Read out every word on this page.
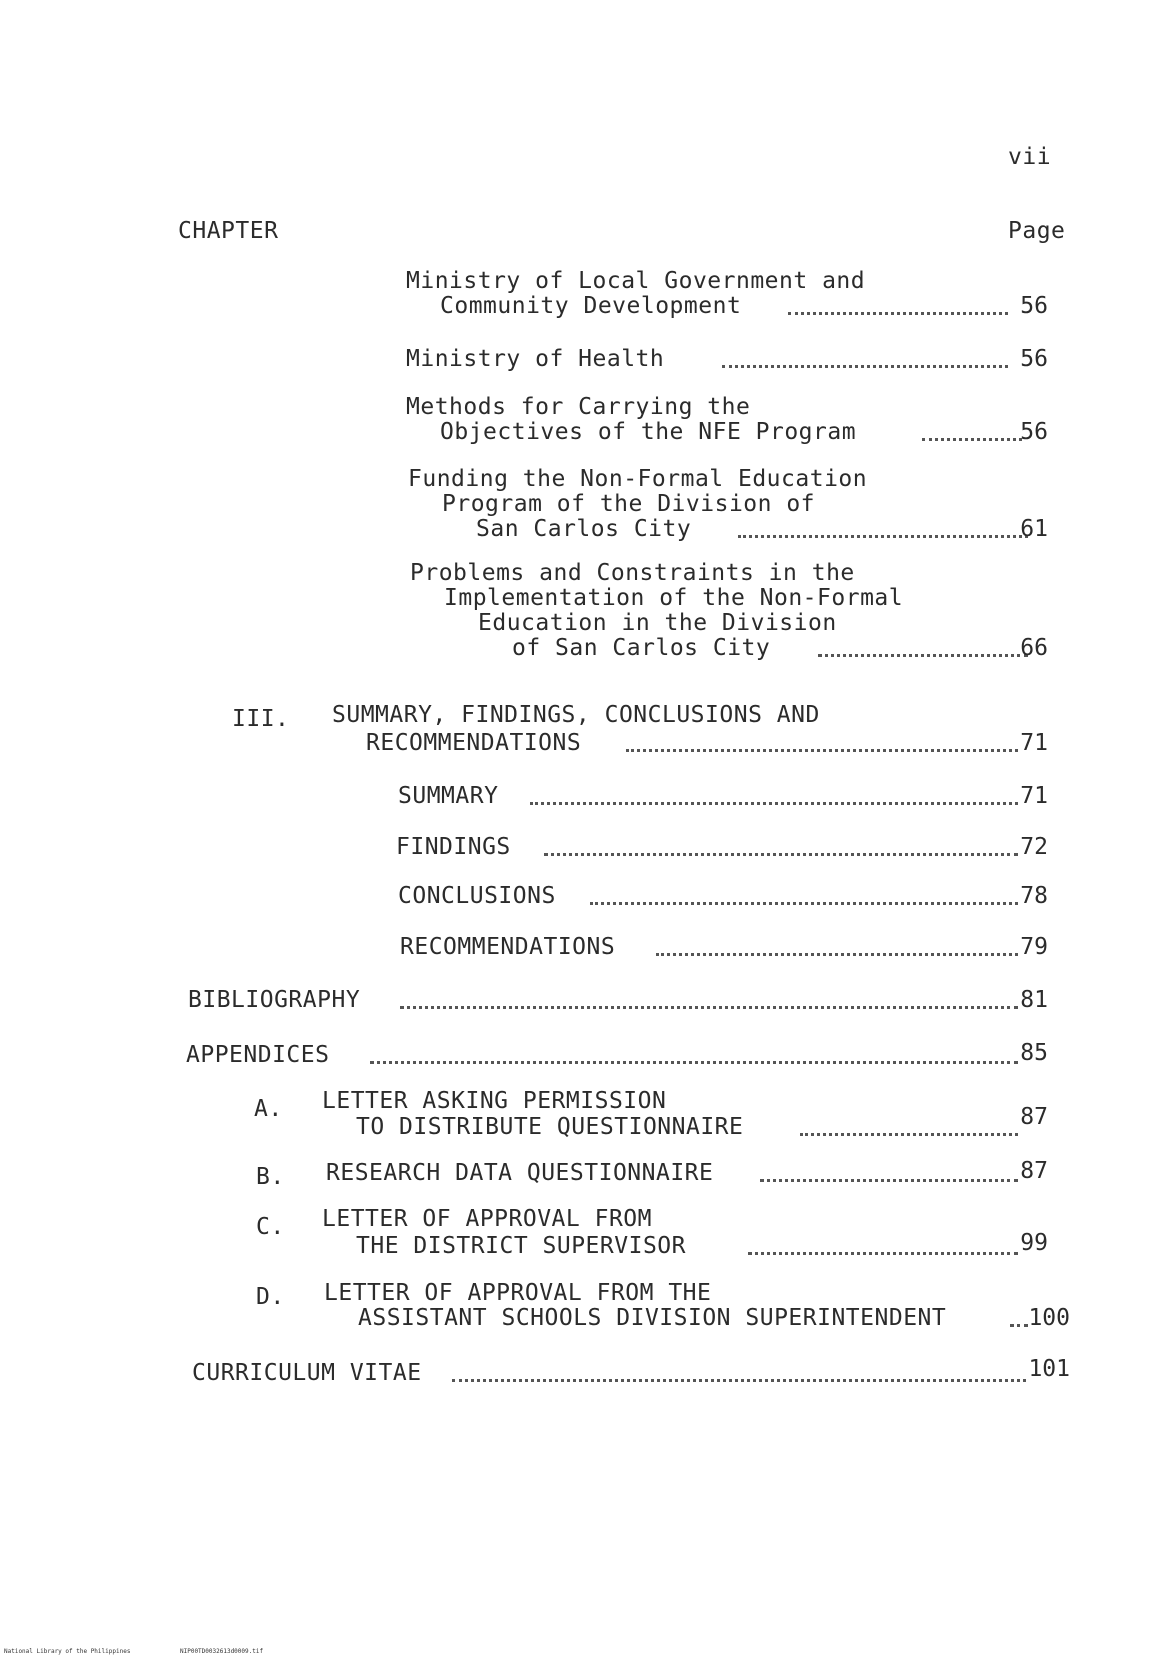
vii
CHAPTER	Page
Ministry of Local Government and
Community Development	56
Ministry of Health	56
Methods for Carrying the
Objectives of the NFE Program	56
Funding the Non-Formal Education
Program of the Division of
San Carlos City	61
Problems and Constraints in the
Implementation of the Non-Formal
Education in the Division
of San Carlos City	66
III. SUMMARY, FINDINGS, CONCLUSIONS AND
RECOMMENDATIONS	71
SUMMARY	71
FINDINGS	72
CONCLUSIONS	78
RECOMMENDATIONS	79
BIBLIOGRAPHY	81
APPENDICES	85
A. LETTER ASKING PERMISSION
TO DISTRIBUTE QUESTIONNAIRE	87
B. RESEARCH DATA QUESTIONNAIRE	87
C. LETTER OF APPROVAL FROM
THE DISTRICT SUPERVISOR	99
D. LETTER OF APPROVAL FROM THE
ASSISTANT SCHOOLS DIVISION SUPERINTENDENT	100
CURRICULUM VITAE	101
National Library of the Philippines	NIP00TD0032613d0009.tif
